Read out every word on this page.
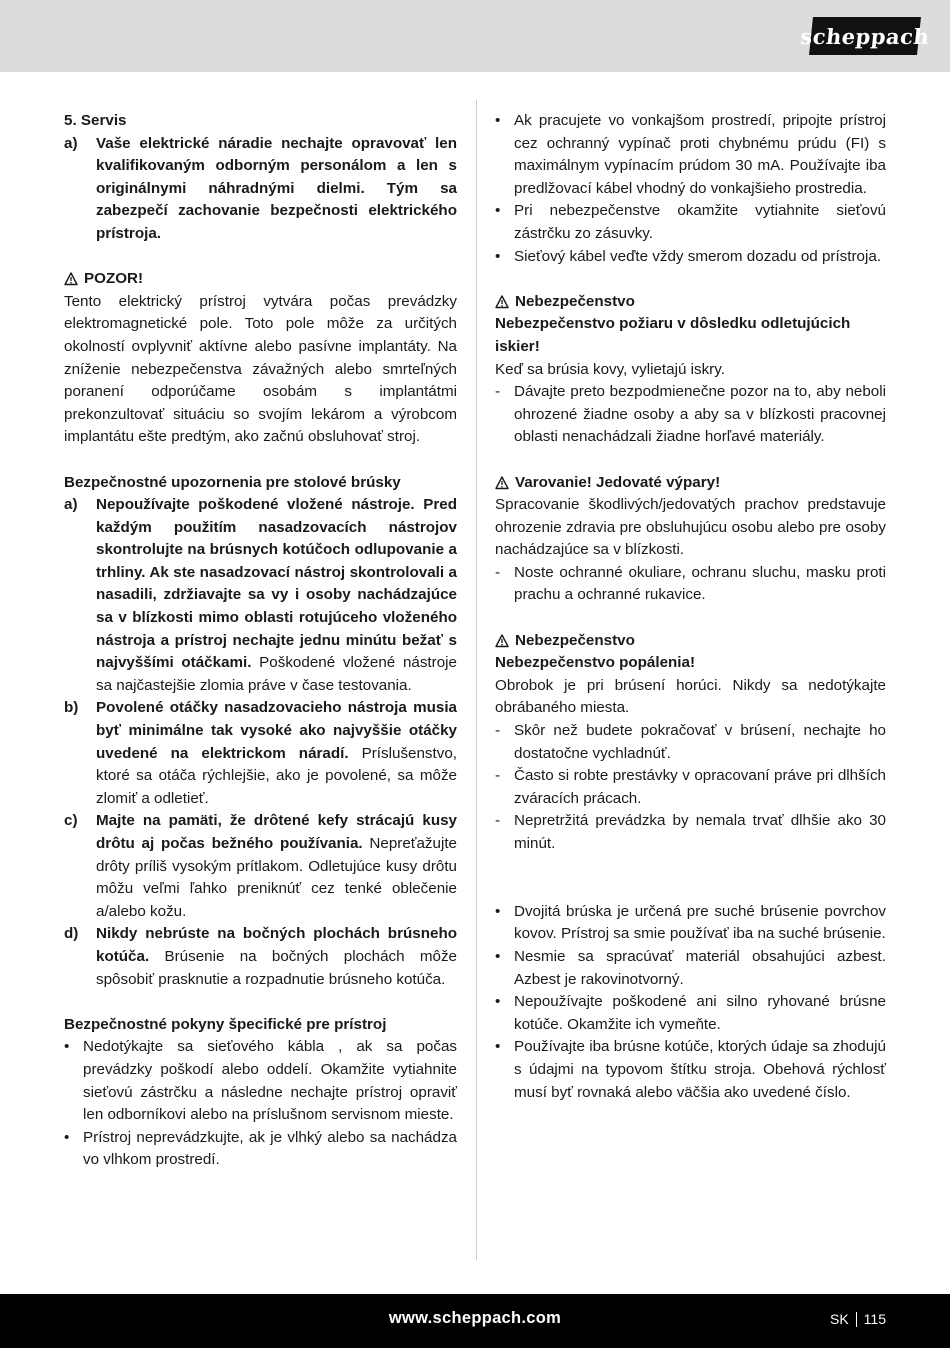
scheppach
5. Servis
a)	Vaše elektrické náradie nechajte opravovať len kvalifikovaným odborným personálom a len s originálnymi náhradnými dielmi. Tým sa zabezpečí zachovanie bezpečnosti elektrického prístroja.
POZOR!
Tento elektrický prístroj vytvára počas prevádzky elektromagnetické pole. Toto pole môže za určitých okolností ovplyvniť aktívne alebo pasívne implantáty. Na zníženie nebezpečenstva závažných alebo smrteľných poranení odporúčame osobám s implantátmi prekonzultovať situáciu so svojím lekárom a výrobcom implantátu ešte predtým, ako začnú obsluhovať stroj.
Bezpečnostné upozornenia pre stolové brúsky
a)	Nepoužívajte poškodené vložené nástroje. Pred každým použitím nasadzovacích nástrojov skontrolujte na brúsnych kotúčoch odlupovanie a trhliny. Ak ste nasadzovací nástroj skontrolovali a nasadili, zdržiavajte sa vy i osoby nachádzajúce sa v blízkosti mimo oblasti rotujúceho vloženého nástroja a prístroj nechajte jednu minútu bežať s najvyššími otáčkami. Poškodené vložené nástroje sa najčastejšie zlomia práve v čase testovania.
b)	Povolené otáčky nasadzovacieho nástroja musia byť minimálne tak vysoké ako najvyššie otáčky uvedené na elektrickom náradí. Príslušenstvo, ktoré sa otáča rýchlejšie, ako je povolené, sa môže zlomiť a odletieť.
c)	Majte na pamäti, že drôtené kefy strácajú kusy drôtu aj počas bežného používania. Nepreťažujte drôty príliš vysokým prítlakom. Odletujúce kusy drôtu môžu veľmi ľahko preniknúť cez tenké oblečenie a/alebo kožu.
d)	Nikdy nebrúste na bočných plochách brúsneho kotúča. Brúsenie na bočných plochách môže spôsobiť prasknutie a rozpadnutie brúsneho kotúča.
Bezpečnostné pokyny špecifické pre prístroj
• Nedotýkajte sa sieťového kábla , ak sa počas prevádzky poškodí alebo oddelí. Okamžite vytiahnite sieťovú zástrčku a následne nechajte prístroj opraviť len odborníkovi alebo na príslušnom servisnom mieste.
• Prístroj neprevádzkujte, ak je vlhký alebo sa nachádza vo vlhkom prostredí.
• Ak pracujete vo vonkajšom prostredí, pripojte prístroj cez ochranný vypínač proti chybnému prúdu (FI) s maximálnym vypínacím prúdom 30 mA. Používajte iba predlžovací kábel vhodný do vonkajšieho prostredia.
• Pri nebezpečenstve okamžite vytiahnite sieťovú zástrčku zo zásuvky.
• Sieťový kábel veďte vždy smerom dozadu od prístroja.
Nebezpečenstvo
Nebezpečenstvo požiaru v dôsledku odletujúcich iskier!
Keď sa brúsia kovy, vylietajú iskry.
- Dávajte preto bezpodmienečne pozor na to, aby neboli ohrozené žiadne osoby a aby sa v blízkosti pracovnej oblasti nenachádzali žiadne horľavé materiály.
Varovanie! Jedovaté výpary!
Spracovanie škodlivých/jedovatých prachov predstavuje ohrozenie zdravia pre obsluhujúcu osobu alebo pre osoby nachádzajúce sa v blízkosti.
- Noste ochranné okuliare, ochranu sluchu, masku proti prachu a ochranné rukavice.
Nebezpečenstvo
Nebezpečenstvo popálenia!
Obrobok je pri brúsení horúci. Nikdy sa nedotýkajte obrábaného miesta.
- Skôr než budete pokračovať v brúsení, nechajte ho dostatočne vychladnúť.
- Často si robte prestávky v opracovaní práve pri dlhších zváracích prácach.
- Nepretržitá prevádzka by nemala trvať dlhšie ako 30 minút.
• Dvojitá brúska je určená pre suché brúsenie povrchov kovov. Prístroj sa smie používať iba na suché brúsenie.
• Nesmie sa spracúvať materiál obsahujúci azbest. Azbest je rakovinotvorný.
• Nepoužívajte poškodené ani silno ryhované brúsne kotúče. Okamžite ich vymeňte.
• Používajte iba brúsne kotúče, ktorých údaje sa zhodujú s údajmi na typovom štítku stroja. Obehová rýchlosť musí byť rovnaká alebo väčšia ako uvedené číslo.
www.scheppach.com	SK 115
